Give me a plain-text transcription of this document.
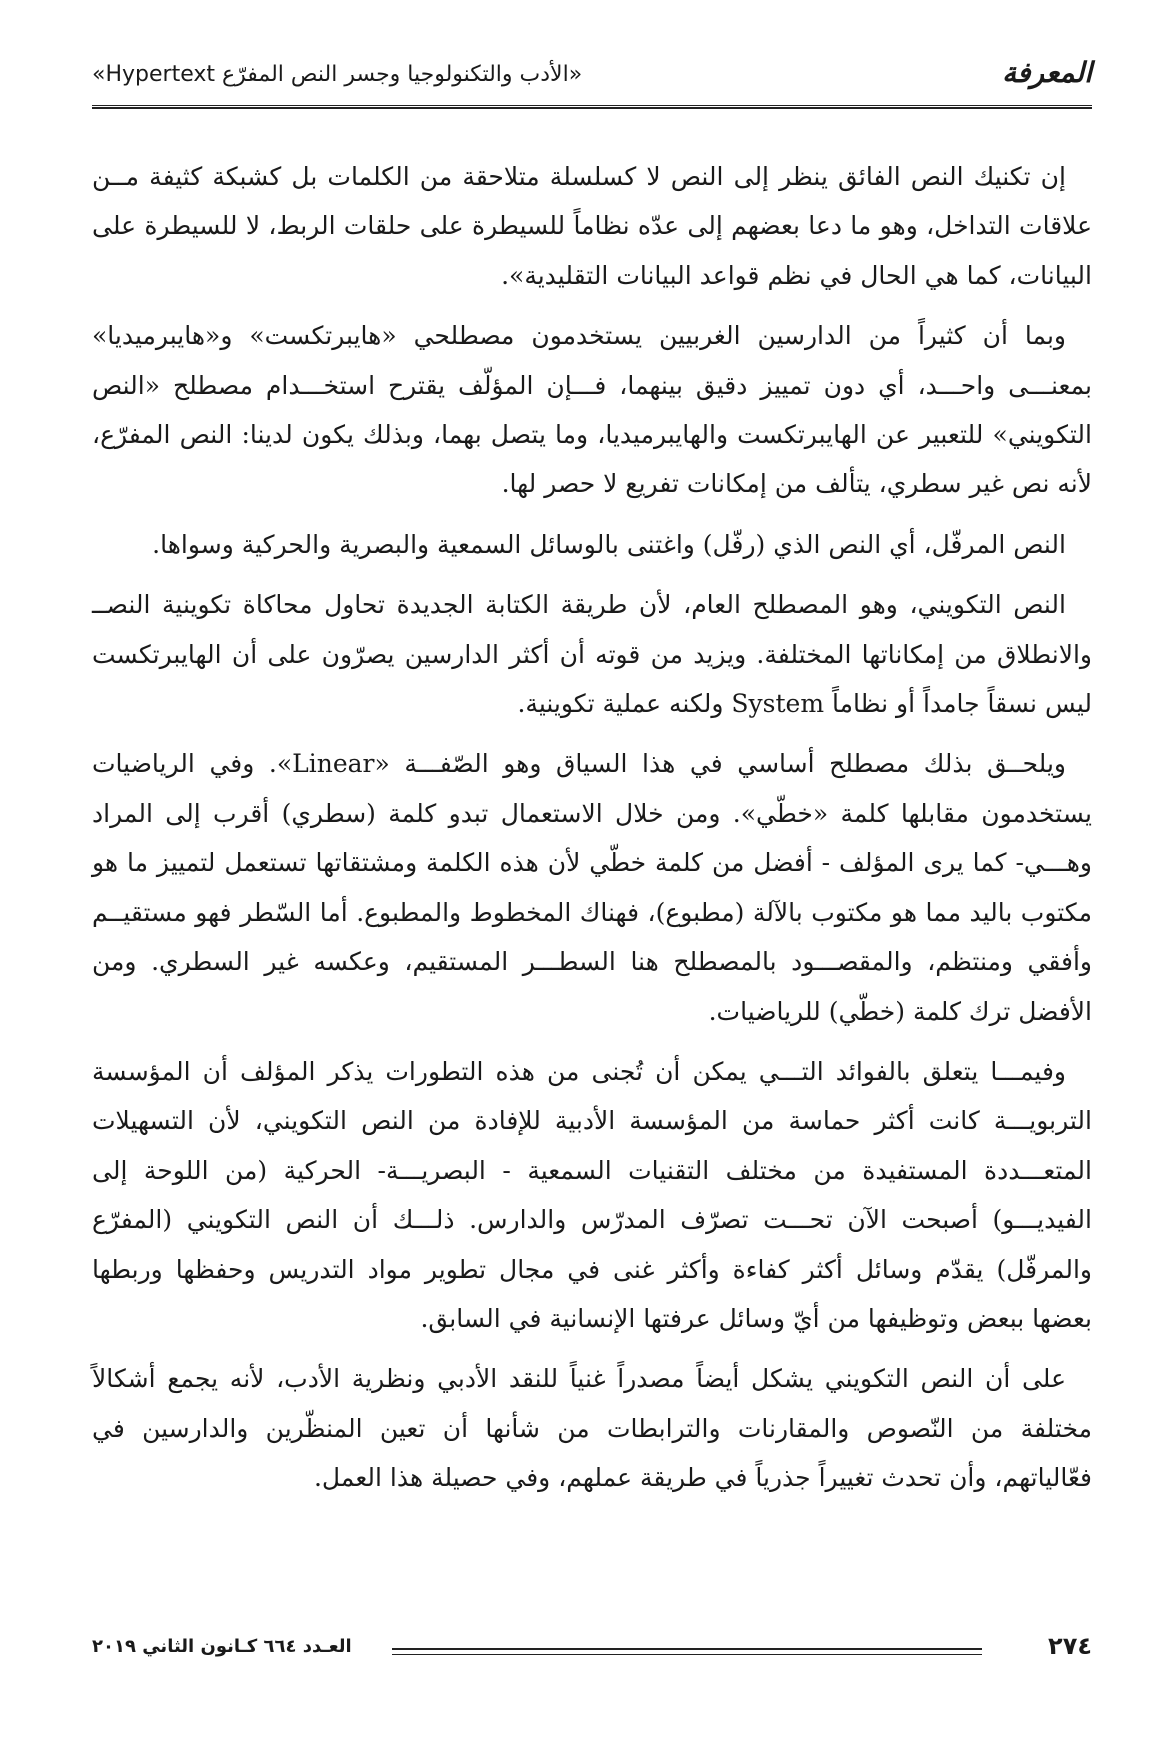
«الأدب والتكنولوجيا وجسر النص المفرّع Hypertext»	المعرفة

إن تكنيك النص الفائق ينظر إلى النص لا كسلسلة متلاحقة من الكلمات بل كشبكة كثيفة مــن علاقات التداخل، وهو ما دعا بعضهم إلى عدّه نظاماً للسيطرة على حلقات الربط، لا للسيطرة على البيانات، كما هي الحال في نظم قواعد البيانات التقليدية».

وبما أن كثيراً من الدارسين الغربيين يستخدمون مصطلحي «هايبرتكست» و«هايبرميديا» بمعنـــى واحـــد، أي دون تمييز دقيق بينهما، فـــإن المؤلّف يقترح استخـــدام مصطلح «النص التكويني» للتعبير عن الهايبرتكست والهايبرميديا، وما يتصل بهما، وبذلك يكون لدينا: النص المفرّع، لأنه نص غير سطري، يتألف من إمكانات تفريع لا حصر لها.

النص المرفّل، أي النص الذي (رفّل) واغتنى بالوسائل السمعية والبصرية والحركية وسواها.

النص التكويني، وهو المصطلح العام، لأن طريقة الكتابة الجديدة تحاول محاكاة تكوينية النصــ والانطلاق من إمكاناتها المختلفة. ويزيد من قوته أن أكثر الدارسين يصرّون على أن الهايبرتكست ليس نسقاً جامداً أو نظاماً System ولكنه عملية تكوينية.

ويلحــق بذلك مصطلح أساسي في هذا السياق وهو الصّفـــة «Linear». وفي الرياضيات يستخدمون مقابلها كلمة «خطّي». ومن خلال الاستعمال تبدو كلمة (سطري) أقرب إلى المراد وهـــي- كما يرى المؤلف - أفضل من كلمة خطّي لأن هذه الكلمة ومشتقاتها تستعمل لتمييز ما هو مكتوب باليد مما هو مكتوب بالآلة (مطبوع)، فهناك المخطوط والمطبوع. أما السّطر فهو مستقيــم وأفقي ومنتظم، والمقصـــود بالمصطلح هنا السطـــر المستقيم، وعكسه غير السطري. ومن الأفضل ترك كلمة (خطّي) للرياضيات.

وفيمـــا يتعلق بالفوائد التـــي يمكن أن تُجنى من هذه التطورات يذكر المؤلف أن المؤسسة التربويـــة كانت أكثر حماسة من المؤسسة الأدبية للإفادة من النص التكويني، لأن التسهيلات المتعـــددة المستفيدة من مختلف التقنيات السمعية - البصريـــة- الحركية (من اللوحة إلى الفيديـــو) أصبحت الآن تحـــت تصرّف المدرّس والدارس. ذلـــك أن النص التكويني (المفرّع والمرفّل) يقدّم وسائل أكثر كفاءة وأكثر غنى في مجال تطوير مواد التدريس وحفظها وربطها بعضها ببعض وتوظيفها من أيّ وسائل عرفتها الإنسانية في السابق.

على أن النص التكويني يشكل أيضاً مصدراً غنياً للنقد الأدبي ونظرية الأدب، لأنه يجمع أشكالاً مختلفة من النّصوص والمقارنات والترابطات من شأنها أن تعين المنظّرين والدارسين في فعّالياتهم، وأن تحدث تغييراً جذرياً في طريقة عملهم، وفي حصيلة هذا العمل.

العـدد ٦٦٤ كـانون الثاني ٢٠١٩	٢٧٤
